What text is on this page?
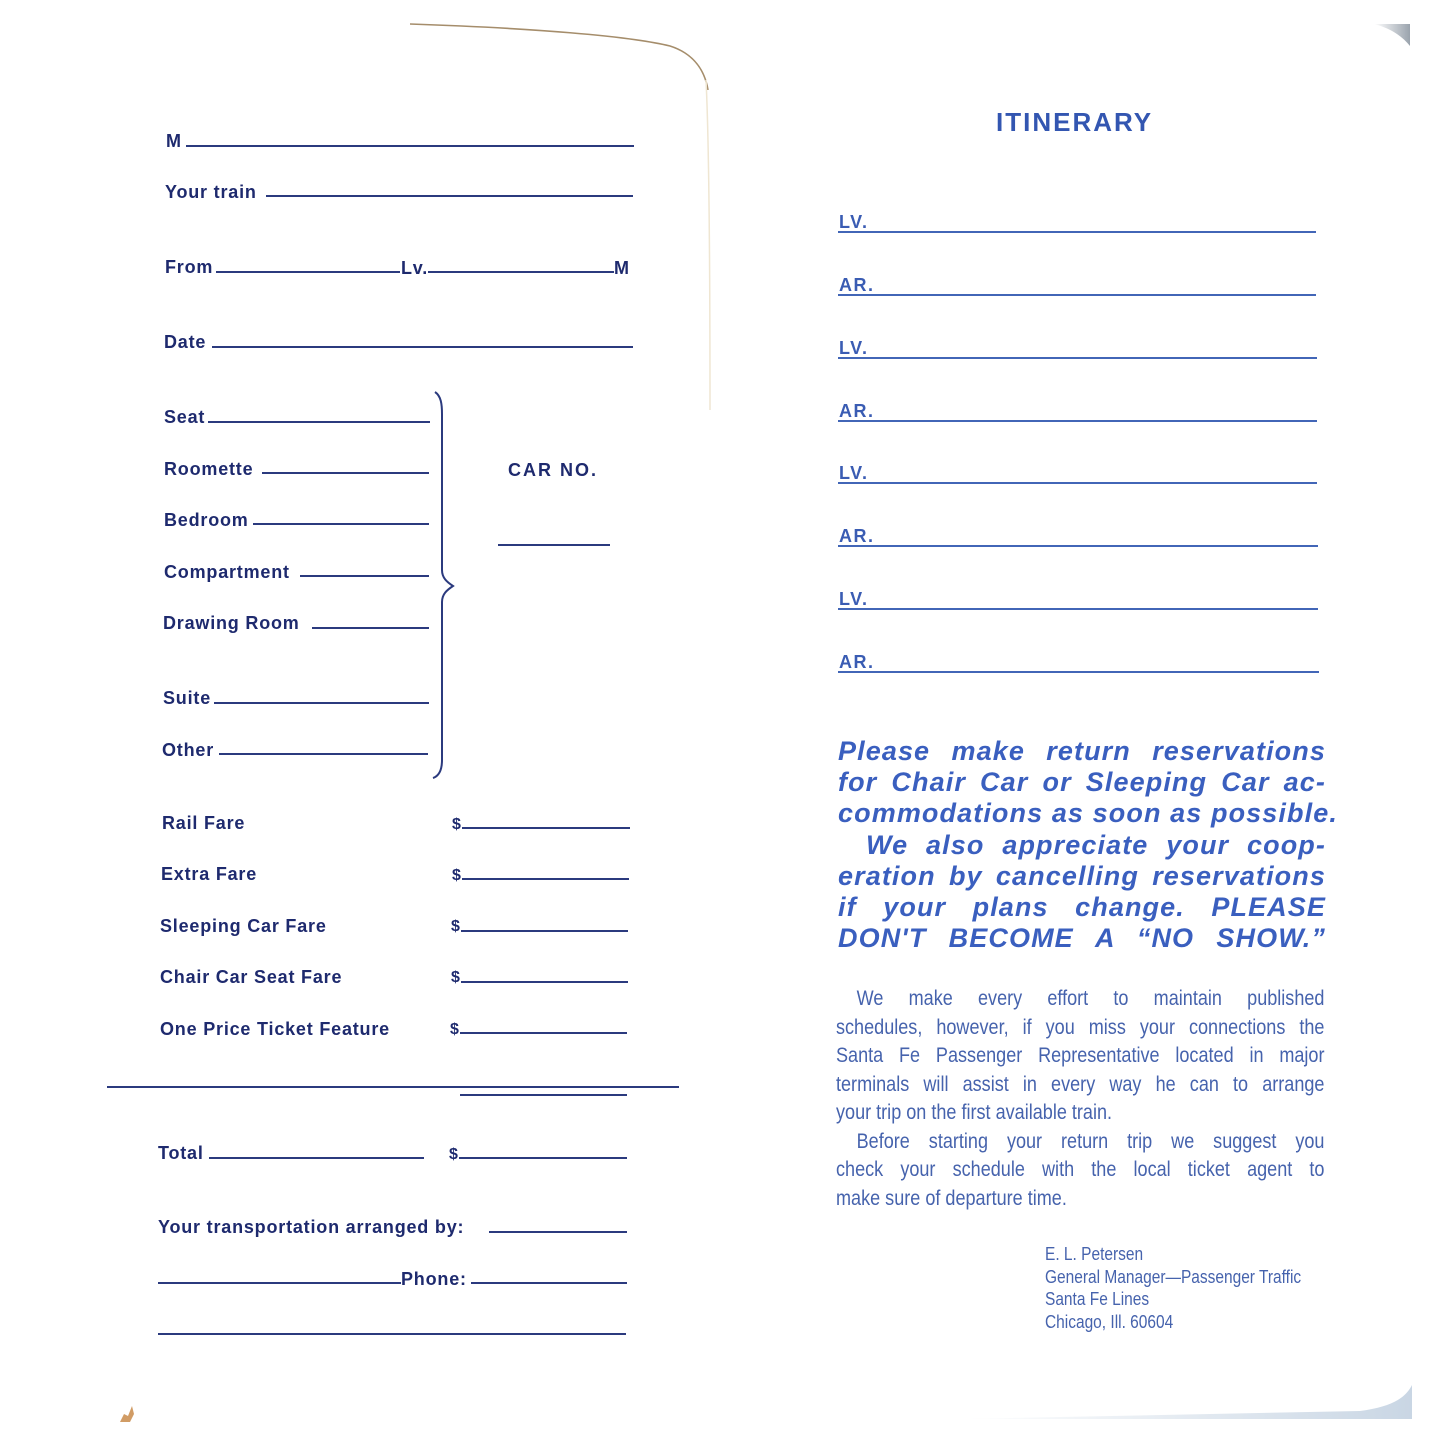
M
Your train
From	Lv.	M
Date
Seat
Roomette
Bedroom
Compartment
Drawing Room
Suite
Other
CAR NO.
Rail Fare	$
Extra Fare	$
Sleeping Car Fare	$
Chair Car Seat Fare	$
One Price Ticket Feature	$
Total	$
Your transportation arranged by:
Phone:
ITINERARY
LV.
AR.
LV.
AR.
LV.
AR.
LV.
AR.
Please make return reservations
for Chair Car or Sleeping Car ac-
commodations as soon as possible.
We also appreciate your coop-
eration by cancelling reservations
if your plans change. PLEASE
DON'T BECOME A “NO SHOW.”
We make every effort to maintain published
schedules, however, if you miss your connections the
Santa Fe Passenger Representative located in major
terminals will assist in every way he can to arrange
your trip on the first available train.
Before starting your return trip we suggest you
check your schedule with the local ticket agent to
make sure of departure time.
E. L. Petersen
General Manager—Passenger Traffic
Santa Fe Lines
Chicago, Ill. 60604
